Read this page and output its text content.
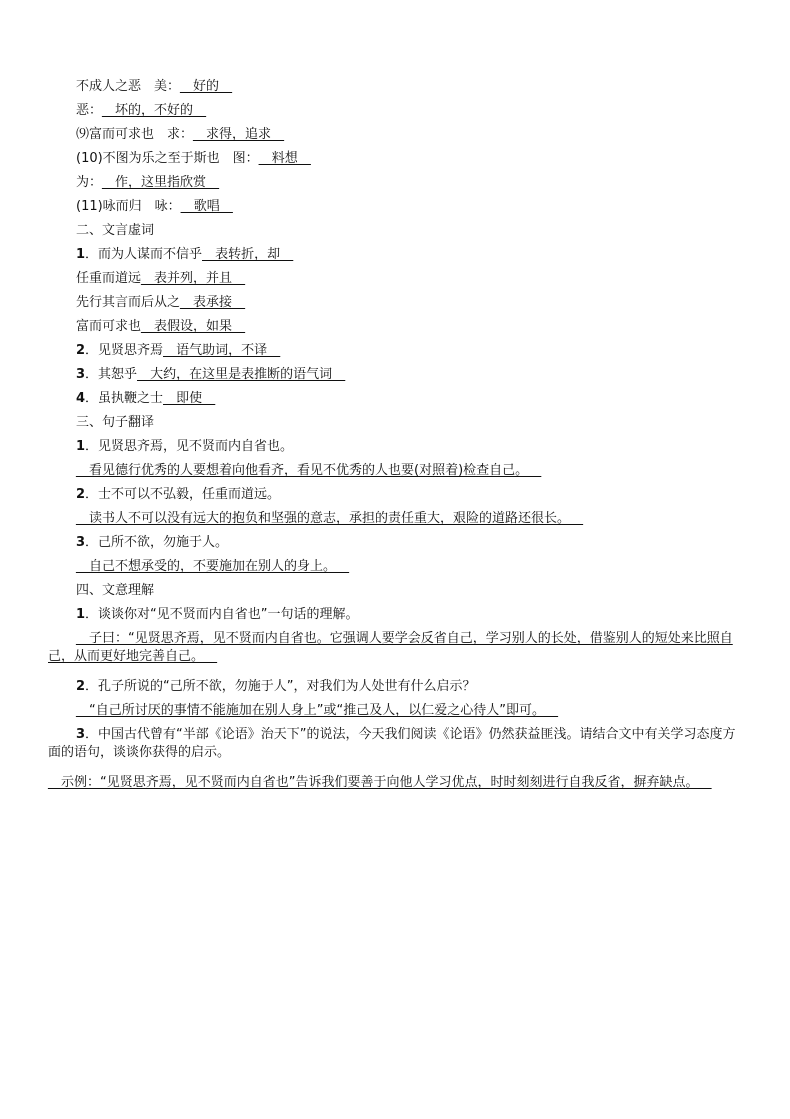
不成人之恶　美：__好的__
恶：__坏的，不好的__
⑼富而可求也　求：__求得，追求__
(10)不图为乐之至于斯也　图：__料想__
为：__作，这里指欣赏__
(11)咏而归　咏：__歌唱__
二、文言虚词
1．而为人谋而不信乎__表转折，却__
任重而道远__表并列，并且__
先行其言而后从之__表承接__
富而可求也__表假设，如果__
2．见贤思齐焉__语气助词，不译__
3．其恕乎__大约，在这里是表推断的语气词__
4．虽执鞭之士__即使__
三、句子翻译
1．见贤思齐焉，见不贤而内自省也。
__看见德行优秀的人要想着向他看齐，看见不优秀的人也要(对照着)检查自己。__
2．士不可以不弘毅，任重而道远。
__读书人不可以没有远大的抱负和坚强的意志，承担的责任重大，艰险的道路还很长。__
3．己所不欲，勿施于人。
__自己不想承受的，不要施加在别人的身上。__
四、文意理解
1．谈谈你对“见不贤而内自省也”一句话的理解。
__子曰：“见贤思齐焉，见不贤而内自省也。它强调人要学会反省自己，学习别人的长处，借鉴别人的短处来比照自己，从而更好地完善自己。__
2．孔子所说的“己所不欲，勿施于人”，对我们为人处世有什么启示？
__“自己所讨厌的事情不能施加在别人身上”或“推己及人，以仁爱之心待人”即可。__
3．中国古代曾有“半部《论语》治天下”的说法，今天我们阅读《论语》仍然获益匪浅。请结合文中有关学习态度方面的语句，谈谈你获得的启示。
__示例：“见贤思齐焉，见不贤而内自省也”告诉我们要善于向他人学习优点，时时刻刻进行自我反省，摒弃缺点。__
